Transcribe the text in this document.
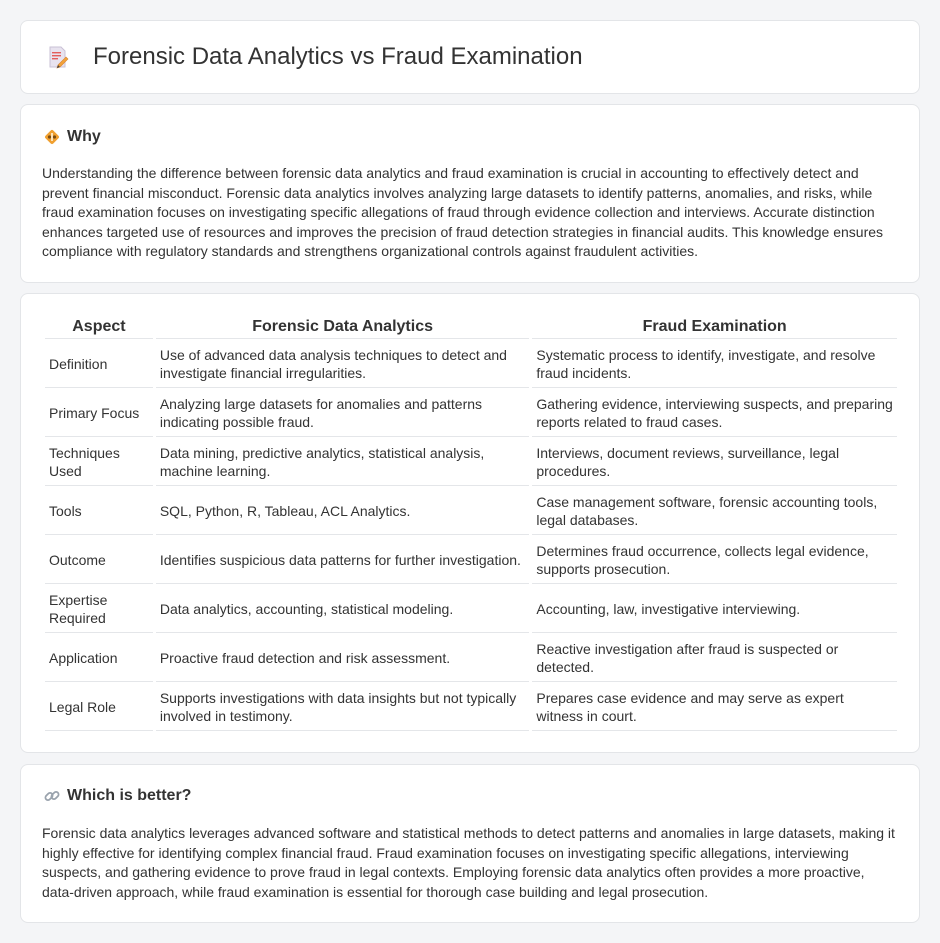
Forensic Data Analytics vs Fraud Examination
Why

Understanding the difference between forensic data analytics and fraud examination is crucial in accounting to effectively detect and prevent financial misconduct. Forensic data analytics involves analyzing large datasets to identify patterns, anomalies, and risks, while fraud examination focuses on investigating specific allegations of fraud through evidence collection and interviews. Accurate distinction enhances targeted use of resources and improves the precision of fraud detection strategies in financial audits. This knowledge ensures compliance with regulatory standards and strengthens organizational controls against fraudulent activities.

Aspect	Forensic Data Analytics	Fraud Examination
Definition	Use of advanced data analysis techniques to detect and investigate financial irregularities.	Systematic process to identify, investigate, and resolve fraud incidents.
Primary Focus	Analyzing large datasets for anomalies and patterns indicating possible fraud.	Gathering evidence, interviewing suspects, and preparing reports related to fraud cases.
Techniques Used	Data mining, predictive analytics, statistical analysis, machine learning.	Interviews, document reviews, surveillance, legal procedures.
Tools	SQL, Python, R, Tableau, ACL Analytics.	Case management software, forensic accounting tools, legal databases.
Outcome	Identifies suspicious data patterns for further investigation.	Determines fraud occurrence, collects legal evidence, supports prosecution.
Expertise Required	Data analytics, accounting, statistical modeling.	Accounting, law, investigative interviewing.
Application	Proactive fraud detection and risk assessment.	Reactive investigation after fraud is suspected or detected.
Legal Role	Supports investigations with data insights but not typically involved in testimony.	Prepares case evidence and may serve as expert witness in court.
Which is better?

Forensic data analytics leverages advanced software and statistical methods to detect patterns and anomalies in large datasets, making it highly effective for identifying complex financial fraud. Fraud examination focuses on investigating specific allegations, interviewing suspects, and gathering evidence to prove fraud in legal contexts. Employing forensic data analytics often provides a more proactive, data-driven approach, while fraud examination is essential for thorough case building and legal prosecution.
